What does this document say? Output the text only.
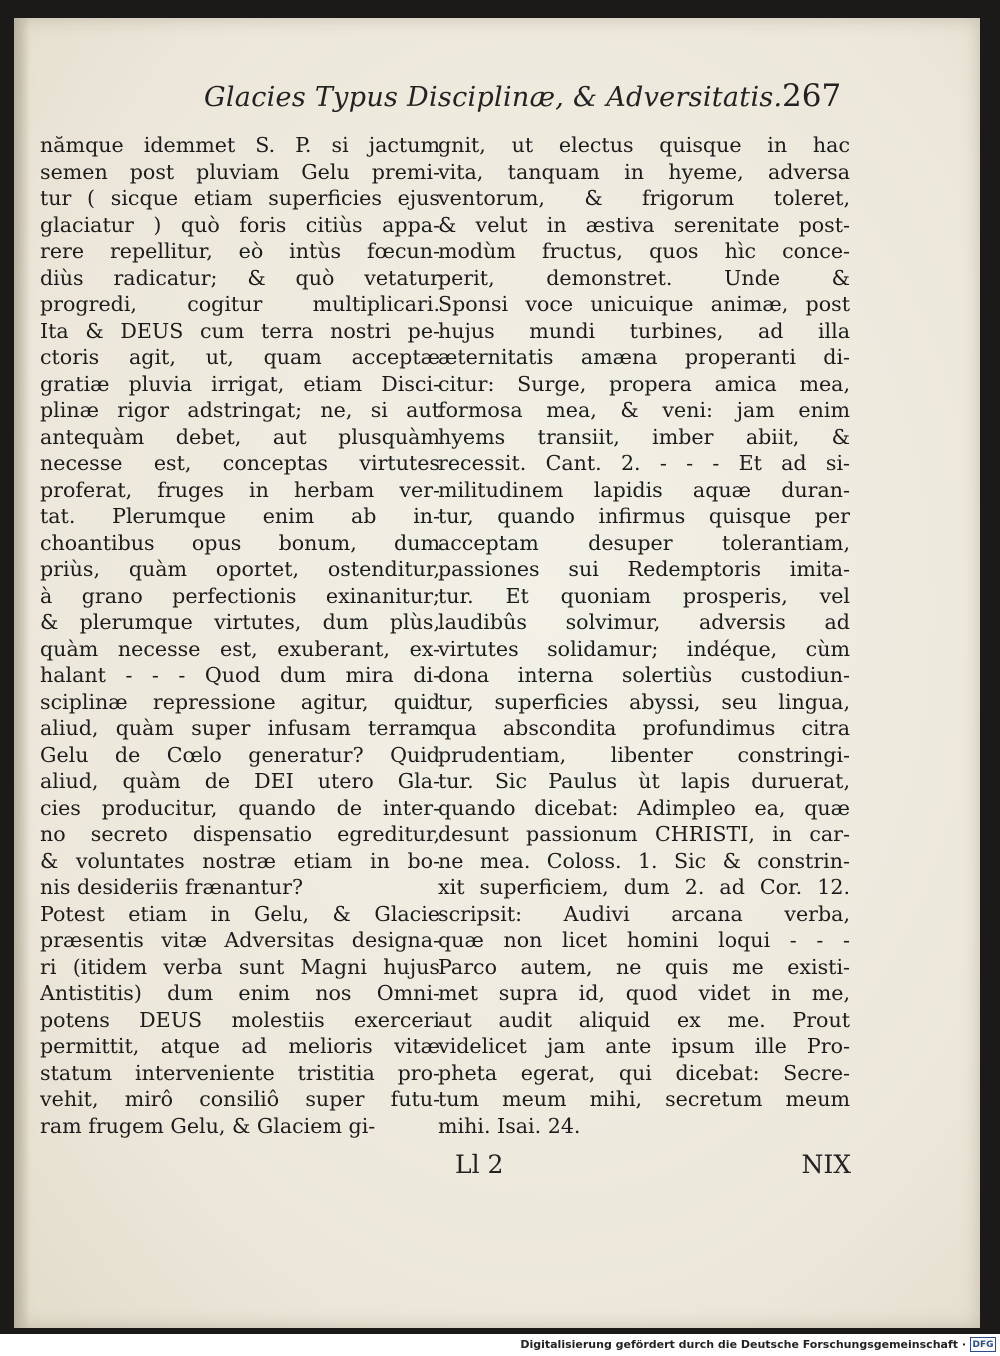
Glacies Typus Disciplinæ, & Adversitatis. 267
nămque idemmet S. P. si jactum
semen post pluviam Gelu premi-
tur ( sicque etiam superficies ejus
glaciatur ) quò foris citiùs appa-
rere repellitur, eò intùs fœcun-
diùs radicatur; & quò vetatur
progredi, cogitur multiplicari.
Ita & DEUS cum terra nostri pe-
ctoris agit, ut, quam acceptæ
gratiæ pluvia irrigat, etiam Disci-
plinæ rigor adstringat; ne, si aut
antequàm debet, aut plusquàm
necesse est, conceptas virtutes
proferat, fruges in herbam ver-
tat. Plerumque enim ab in-
choantibus opus bonum, dum
priùs, quàm oportet, ostenditur,
à grano perfectionis exinanitur;
& plerumque virtutes, dum plùs,
quàm necesse est, exuberant, ex-
halant - - - Quod dum mira di-
sciplinæ repressione agitur, quid
aliud, quàm super infusam terram
Gelu de Cœlo generatur? Quid
aliud, quàm de DEI utero Gla-
cies producitur, quando de inter-
no secreto dispensatio egreditur,
& voluntates nostræ etiam in bo-
nis desideriis frænantur?
Potest etiam in Gelu, & Glacie
præsentis vitæ Adversitas designa-
ri (itidem verba sunt Magni hujus
Antistitis) dum enim nos Omni-
potens DEUS molestiis exerceri
permittit, atque ad melioris vitæ
statum interveniente tristitia pro-
vehit, mirô consiliô super futu-
ram frugem Gelu, & Glaciem gi-
gnit, ut electus quisque in hac
vita, tanquam in hyeme, adversa
ventorum, & frigorum toleret,
& velut in æstiva serenitate post-
modùm fructus, quos hìc conce-
perit, demonstret. Unde &
Sponsi voce unicuique animæ, post
hujus mundi turbines, ad illa
æternitatis amæna properanti di-
citur: Surge, propera amica mea,
formosa mea, & veni: jam enim
hyems transiit, imber abiit, &
recessit. Cant. 2. - - - Et ad si-
militudinem lapidis aquæ duran-
tur, quando infirmus quisque per
acceptam desuper tolerantiam,
passiones sui Redemptoris imita-
tur. Et quoniam prosperis, vel
laudibûs solvimur, adversis ad
virtutes solidamur; indéque, cùm
dona interna solertiùs custodiun-
tur, superficies abyssi, seu lingua,
qua abscondita profundimus citra
prudentiam, libenter constringi-
tur. Sic Paulus ùt lapis duruerat,
quando dicebat: Adimpleo ea, quæ
desunt passionum CHRISTI, in car-
ne mea. Coloss. 1. Sic & constrin-
xit superficiem, dum 2. ad Cor. 12.
scripsit: Audivi arcana verba,
quæ non licet homini loqui - - -
Parco autem, ne quis me existi-
met supra id, quod videt in me,
aut audit aliquid ex me. Prout
videlicet jam ante ipsum ille Pro-
pheta egerat, qui dicebat: Secre-
tum meum mihi, secretum meum
mihi. Isai. 24.
Ll 2	NIX
Digitalisierung gefördert durch die Deutsche Forschungsgemeinschaft · DFG
